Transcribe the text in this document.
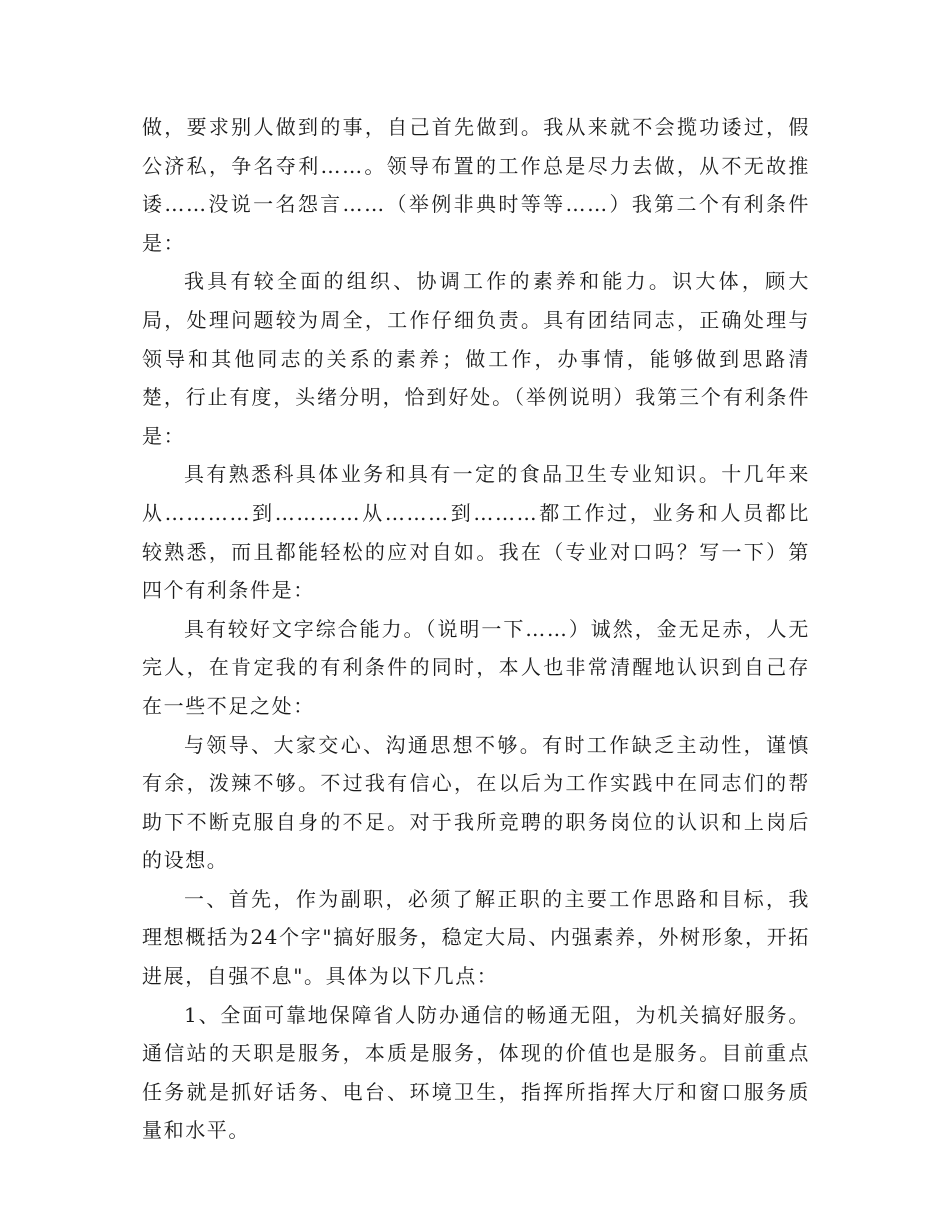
做，要求别人做到的事，自己首先做到。我从来就不会揽功诿过，假公济私，争名夺利……。领导布置的工作总是尽力去做，从不无故推诿……没说一名怨言……（举例非典时等等……）我第二个有利条件是：

我具有较全面的组织、协调工作的素养和能力。识大体，顾大局，处理问题较为周全，工作仔细负责。具有团结同志，正确处理与领导和其他同志的关系的素养；做工作，办事情，能够做到思路清楚，行止有度，头绪分明，恰到好处。（举例说明）我第三个有利条件是：

具有熟悉科具体业务和具有一定的食品卫生专业知识。十几年来从…………到…………从………到………都工作过，业务和人员都比较熟悉，而且都能轻松的应对自如。我在（专业对口吗？写一下）第四个有利条件是：

具有较好文字综合能力。（说明一下……）诚然，金无足赤，人无完人，在肯定我的有利条件的同时，本人也非常清醒地认识到自己存在一些不足之处：

与领导、大家交心、沟通思想不够。有时工作缺乏主动性，谨慎有余，泼辣不够。不过我有信心，在以后为工作实践中在同志们的帮助下不断克服自身的不足。对于我所竞聘的职务岗位的认识和上岗后的设想。

一、首先，作为副职，必须了解正职的主要工作思路和目标，我理想概括为24个字"搞好服务，稳定大局、内强素养，外树形象，开拓进展，自强不息"。具体为以下几点：

1、全面可靠地保障省人防办通信的畅通无阻，为机关搞好服务。通信站的天职是服务，本质是服务，体现的价值也是服务。目前重点任务就是抓好话务、电台、环境卫生，指挥所指挥大厅和窗口服务质量和水平。
